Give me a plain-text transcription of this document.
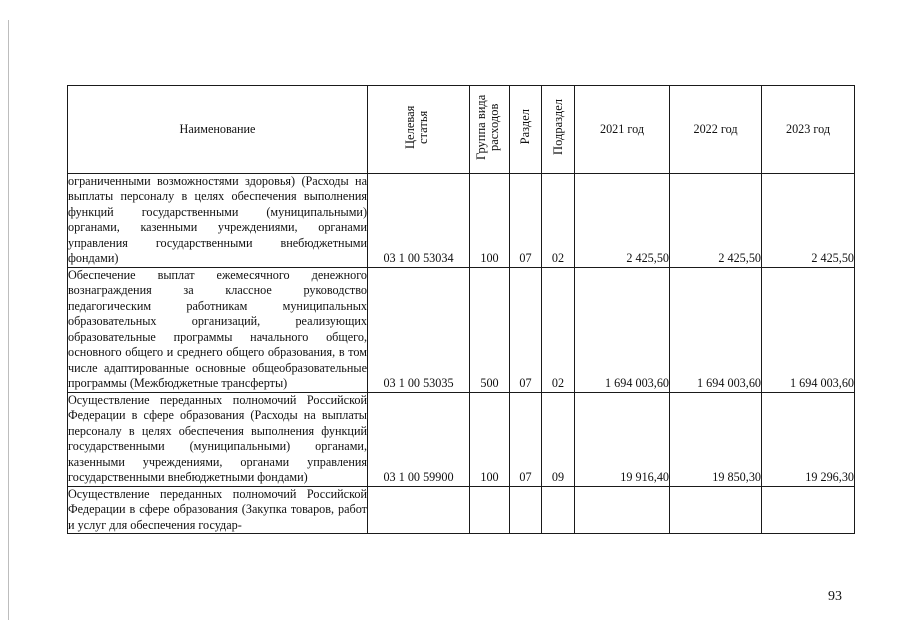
Наименование	Целевая статья	Группа вида расходов	Раздел	Подраздел	2021 год	2022 год	2023 год

ограниченными возможностями здоровья) (Расходы на выплаты персоналу в целях обеспечения выполнения функций государственными (муниципальными) органами, казенными учреждениями, органами управления государственными внебюджетными фондами)	03 1 00 53034	100	07	02	2 425,50	2 425,50	2 425,50

Обеспечение выплат ежемесячного денежного вознаграждения за классное руководство педагогическим работникам муниципальных образовательных организаций, реализующих образовательные программы начального общего, основного общего и среднего общего образования, в том числе адаптированные основные общеобразовательные программы (Межбюджетные трансферты)	03 1 00 53035	500	07	02	1 694 003,60	1 694 003,60	1 694 003,60

Осуществление переданных полномочий Российской Федерации в сфере образования (Расходы на выплаты персоналу в целях обеспечения выполнения функций государственными (муниципальными) органами, казенными учреждениями, органами управления государственными внебюджетными фондами)	03 1 00 59900	100	07	09	19 916,40	19 850,30	19 296,30

Осуществление переданных полномочий Российской Федерации в сфере образования (Закупка товаров, работ и услуг для обеспечения государ-							

93
